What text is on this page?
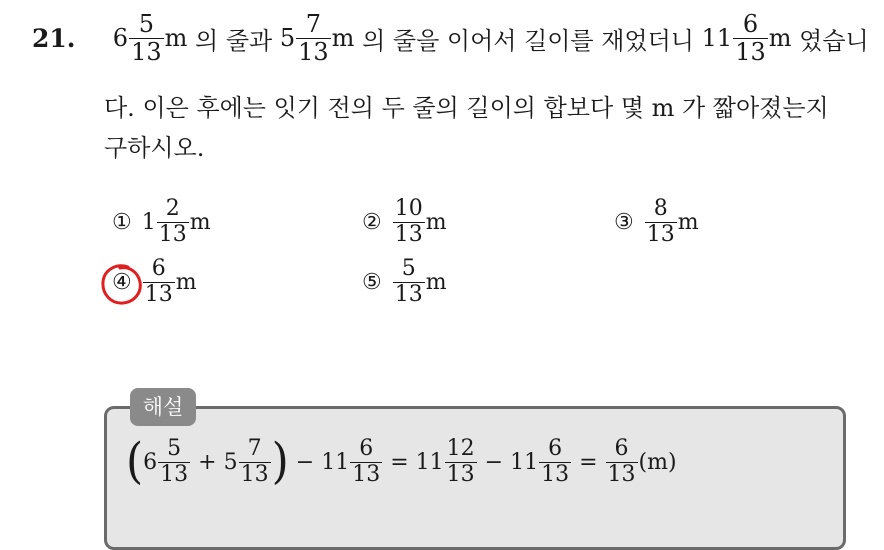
21. $6 \frac{5}{13}$ m 의 줄과 $5 \frac{7}{13}$ m 의 줄을 이어서 길이를 재었더니 $11 \frac{6}{13}$ m 였습니
다. 이은 후에는 잇기 전의 두 줄의 길이의 합보다 몇 m 가 짧아졌는지
구하시오.
① $1 \frac{2}{13}$ m	② $\frac{10}{13}$ m	③ $\frac{8}{13}$ m
④ $\frac{6}{13}$ m	⑤ $\frac{5}{13}$ m
해설
($6 \frac{5}{13} + 5 \frac{7}{13}$ ) − $11 \frac{6}{13} = 11 \frac{12}{13} - 11 \frac{6}{13} = \frac{6}{13} (m)$
